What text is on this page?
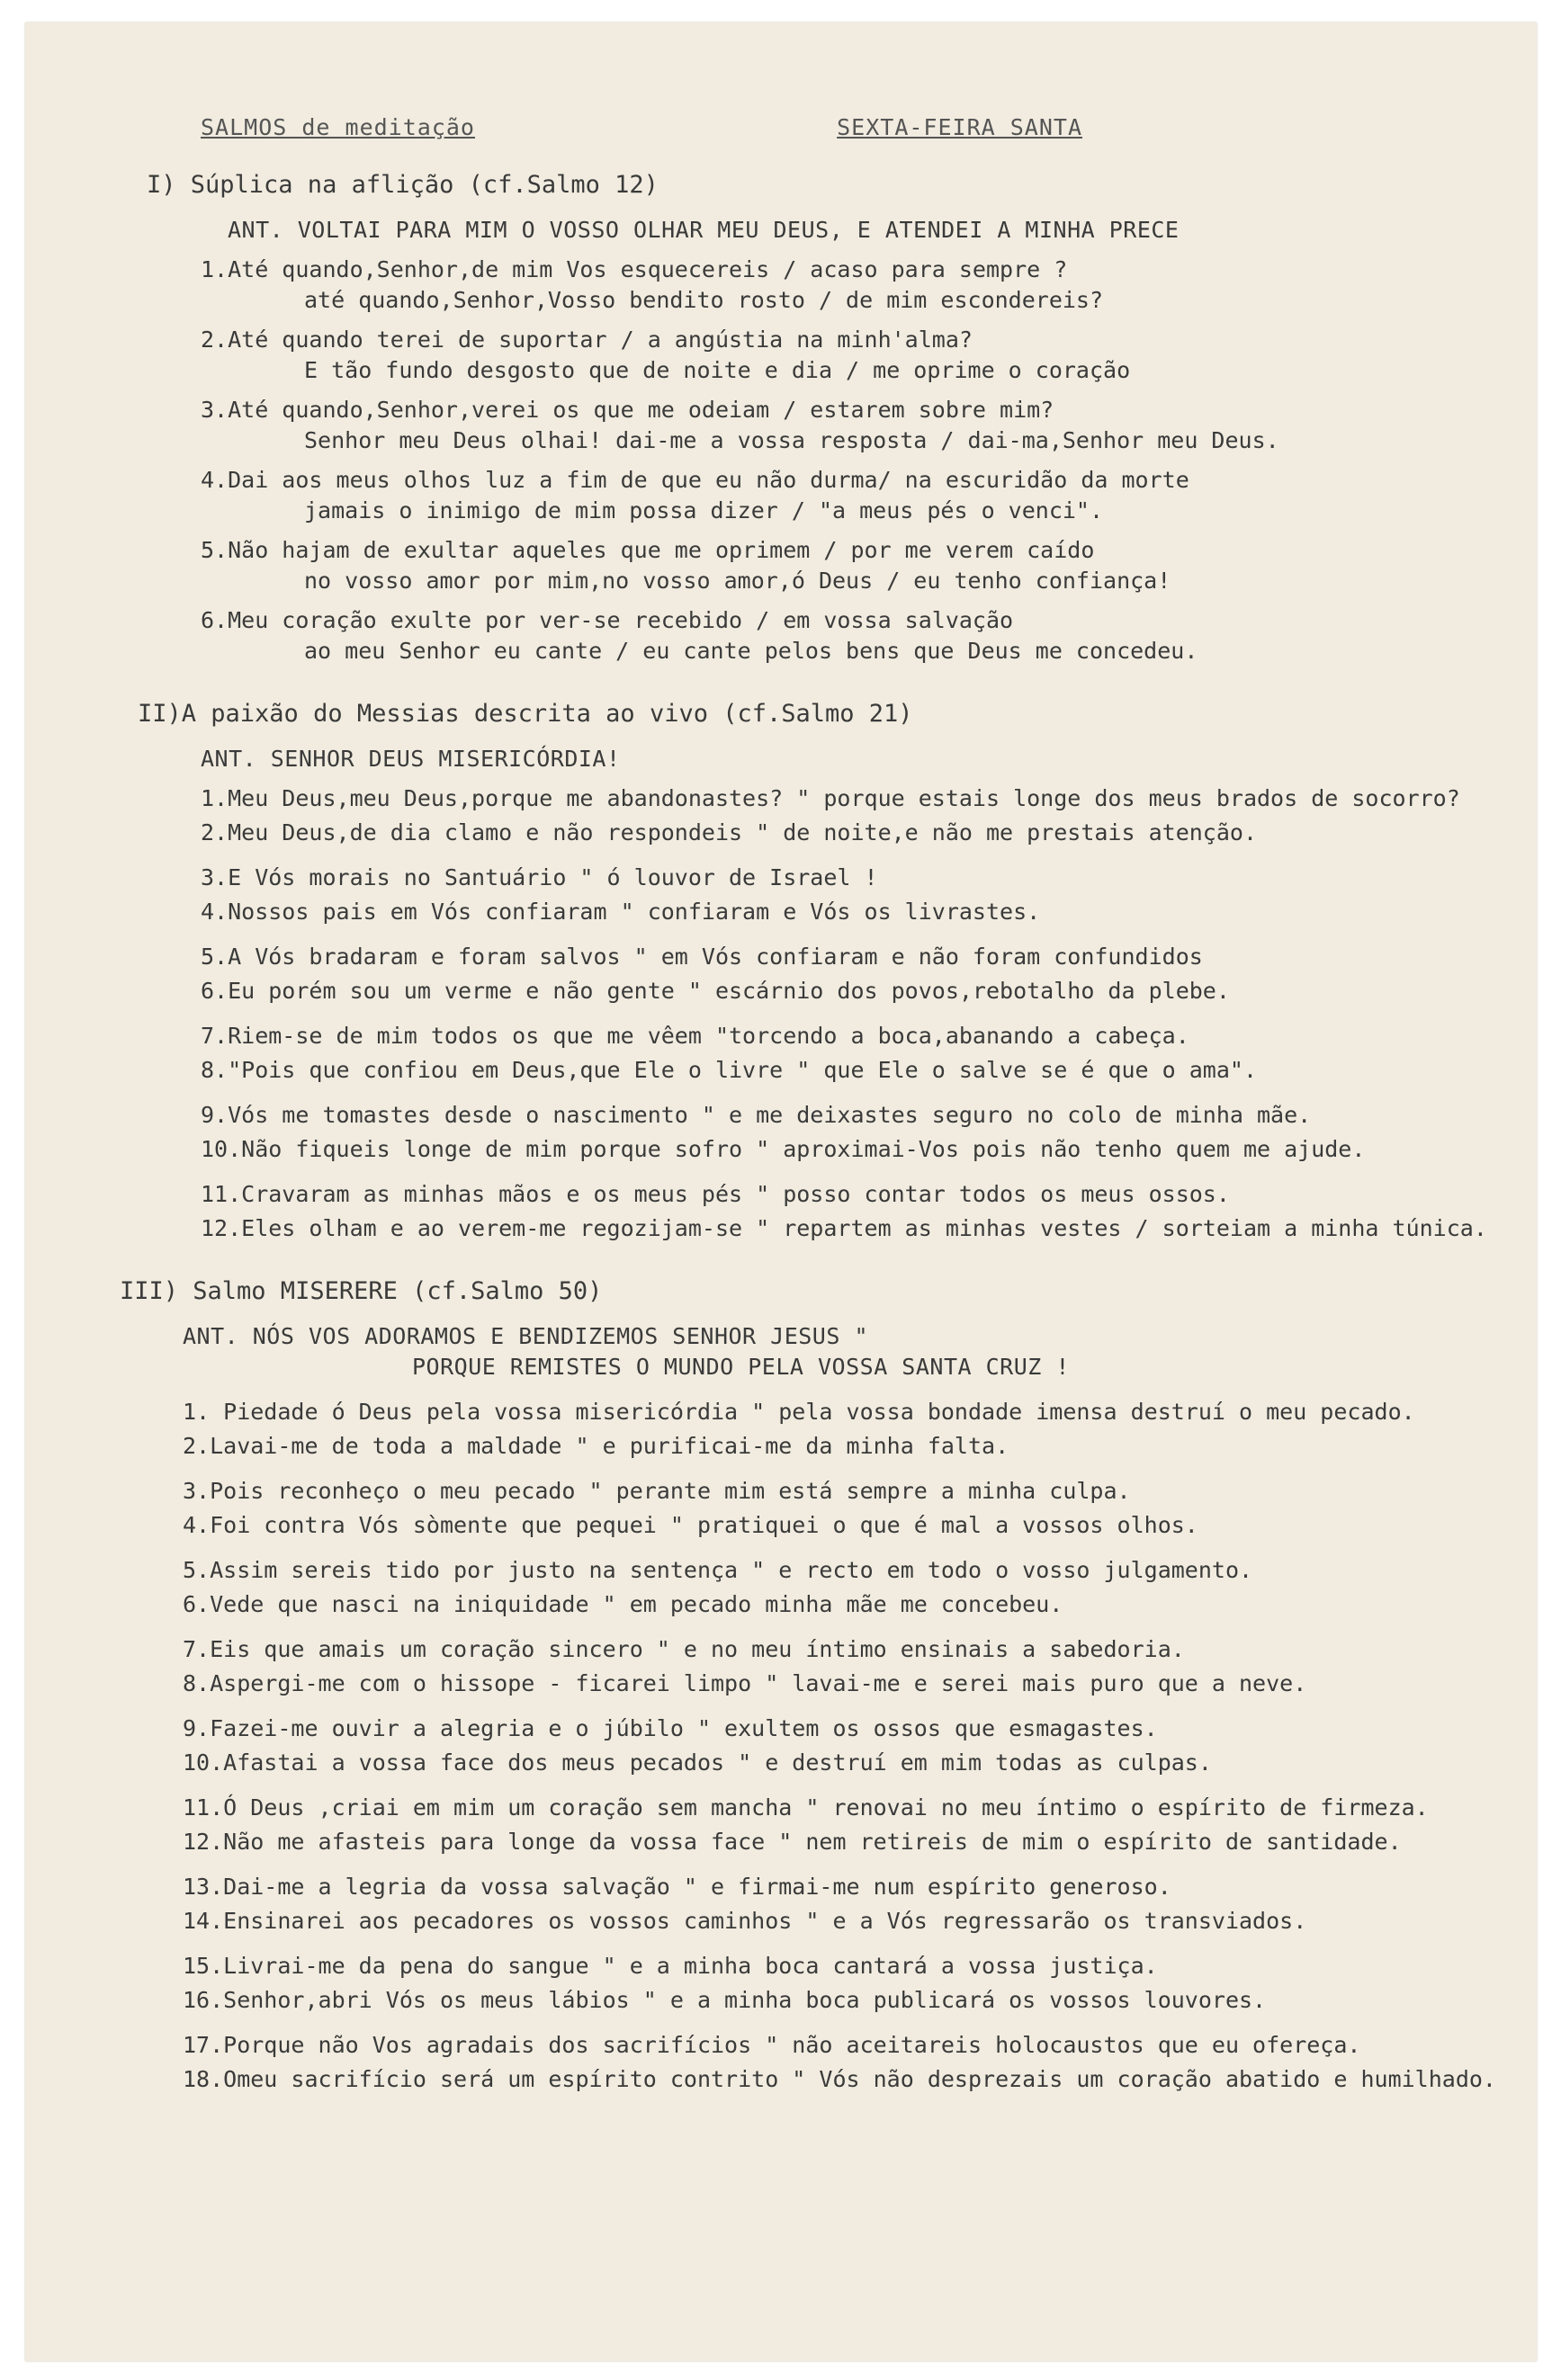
SALMOS de meditação	SEXTA-FEIRA SANTA
I) Súplica na aflição (cf.Salmo 12)
ANT. VOLTAI PARA MIM O VOSSO OLHAR MEU DEUS, E ATENDEI A MINHA PRECE
1.Até quando,Senhor,de mim Vos esquecereis / acaso para sempre ?
até quando,Senhor,Vosso bendito rosto / de mim escondereis?
2.Até quando terei de suportar / a angústia na minh'alma?
E tão fundo desgosto que de noite e dia / me oprime o coração
3.Até quando,Senhor,verei os que me odeiam / estarem sobre mim?
Senhor meu Deus olhai! dai-me a vossa resposta / dai-ma,Senhor meu Deus.
4.Dai aos meus olhos luz a fim de que eu não durma/ na escuridão da morte
jamais o inimigo de mim possa dizer / "a meus pés o venci".
5.Não hajam de exultar aqueles que me oprimem / por me verem caído
no vosso amor por mim,no vosso amor,ó Deus / eu tenho confiança!
6.Meu coração exulte por ver-se recebido / em vossa salvação
ao meu Senhor eu cante / eu cante pelos bens que Deus me concedeu.
II)A paixão do Messias descrita ao vivo (cf.Salmo 21)
ANT. SENHOR DEUS MISERICÓRDIA!
1.Meu Deus,meu Deus,porque me abandonastes? " porque estais longe dos meus brados de socorro?
2.Meu Deus,de dia clamo e não respondeis " de noite,e não me prestais atenção.
3.E Vós morais no Santuário " ó louvor de Israel !
4.Nossos pais em Vós confiaram " confiaram e Vós os livrastes.
5.A Vós bradaram e foram salvos " em Vós confiaram e não foram confundidos
6.Eu porém sou um verme e não gente " escárnio dos povos,rebotalho da plebe.
7.Riem-se de mim todos os que me vêem "torcendo a boca,abanando a cabeça.
8."Pois que confiou em Deus,que Ele o livre " que Ele o salve se é que o ama".
9.Vós me tomastes desde o nascimento " e me deixastes seguro no colo de minha mãe.
10.Não fiqueis longe de mim porque sofro " aproximai-Vos pois não tenho quem me ajude.
11.Cravaram as minhas mãos e os meus pés " posso contar todos os meus ossos.
12.Eles olham e ao verem-me regozijam-se " repartem as minhas vestes / sorteiam a minha túnica.
III) Salmo MISERERE (cf.Salmo 50)
ANT. NÓS VOS ADORAMOS E BENDIZEMOS SENHOR JESUS "
PORQUE REMISTES O MUNDO PELA VOSSA SANTA CRUZ !
1. Piedade ó Deus pela vossa misericórdia " pela vossa bondade imensa destruí o meu pecado.
2.Lavai-me de toda a maldade " e purificai-me da minha falta.
3.Pois reconheço o meu pecado " perante mim está sempre a minha culpa.
4.Foi contra Vós sòmente que pequei " pratiquei o que é mal a vossos olhos.
5.Assim sereis tido por justo na sentença " e recto em todo o vosso julgamento.
6.Vede que nasci na iniquidade " em pecado minha mãe me concebeu.
7.Eis que amais um coração sincero " e no meu íntimo ensinais a sabedoria.
8.Aspergi-me com o hissope - ficarei limpo " lavai-me e serei mais puro que a neve.
9.Fazei-me ouvir a alegria e o júbilo " exultem os ossos que esmagastes.
10.Afastai a vossa face dos meus pecados " e destruí em mim todas as culpas.
11.Ó Deus ,criai em mim um coração sem mancha " renovai no meu íntimo o espírito de firmeza.
12.Não me afasteis para longe da vossa face " nem retireis de mim o espírito de santidade.
13.Dai-me a legria da vossa salvação " e firmai-me num espírito generoso.
14.Ensinarei aos pecadores os vossos caminhos " e a Vós regressarão os transviados.
15.Livrai-me da pena do sangue " e a minha boca cantará a vossa justiça.
16.Senhor,abri Vós os meus lábios " e a minha boca publicará os vossos louvores.
17.Porque não Vos agradais dos sacrifícios " não aceitareis holocaustos que eu ofereça.
18.Omeu sacrifício será um espírito contrito " Vós não desprezais um coração abatido e humilhado.
